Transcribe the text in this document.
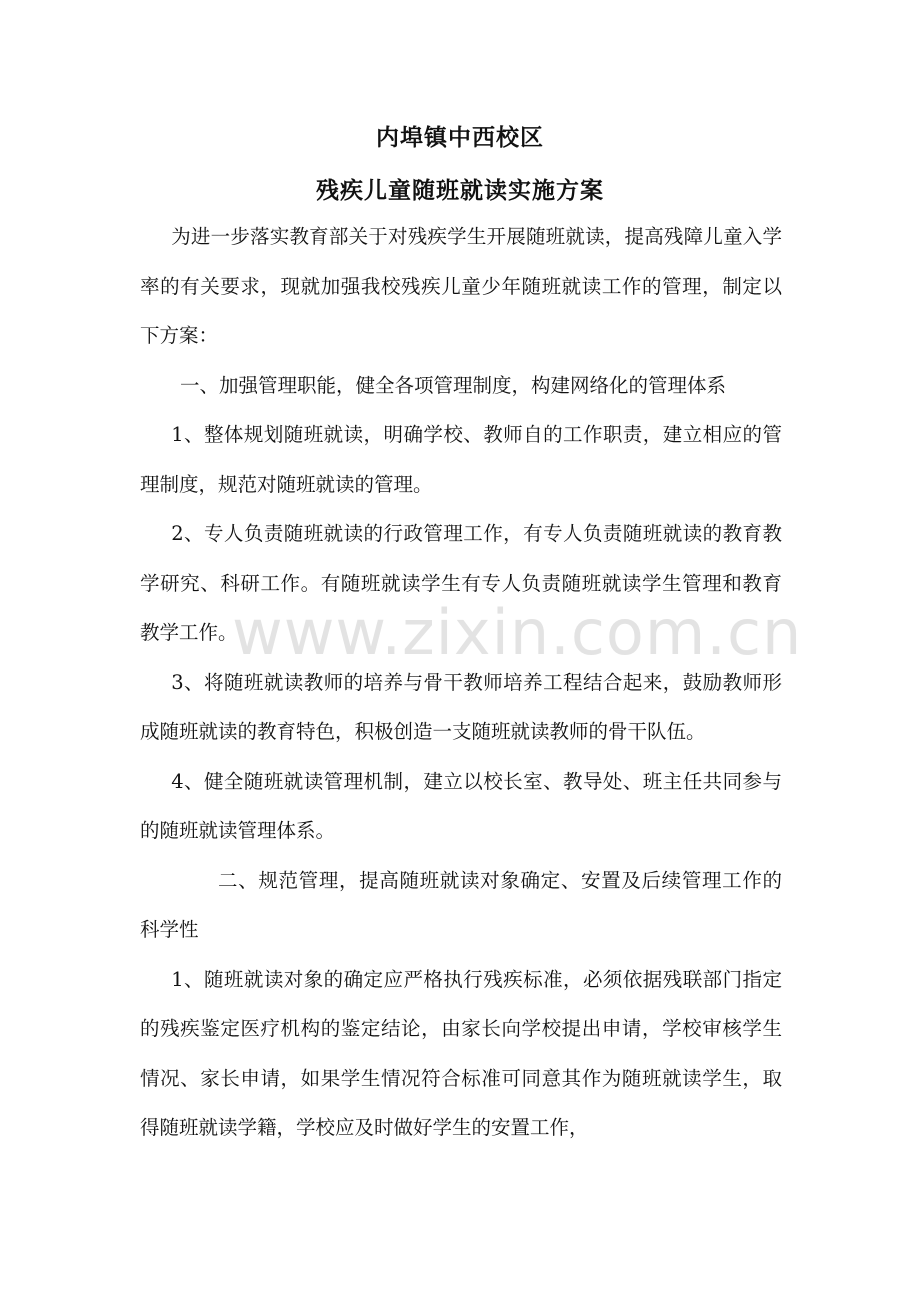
内埠镇中西校区
残疾儿童随班就读实施方案

为进一步落实教育部关于对残疾学生开展随班就读，提高残障儿童入学率的有关要求，现就加强我校残疾儿童少年随班就读工作的管理，制定以下方案：

一、加强管理职能，健全各项管理制度，构建网络化的管理体系

1、整体规划随班就读，明确学校、教师自的工作职责，建立相应的管理制度，规范对随班就读的管理。

2、专人负责随班就读的行政管理工作，有专人负责随班就读的教育教学研究、科研工作。有随班就读学生有专人负责随班就读学生管理和教育教学工作。

3、将随班就读教师的培养与骨干教师培养工程结合起来，鼓励教师形成随班就读的教育特色，积极创造一支随班就读教师的骨干队伍。

4、健全随班就读管理机制，建立以校长室、教导处、班主任共同参与的随班就读管理体系。

二、规范管理，提高随班就读对象确定、安置及后续管理工作的科学性

1、随班就读对象的确定应严格执行残疾标准，必须依据残联部门指定的残疾鉴定医疗机构的鉴定结论，由家长向学校提出申请，学校审核学生情况、家长申请，如果学生情况符合标准可同意其作为随班就读学生，取得随班就读学籍，学校应及时做好学生的安置工作，

www.zixin.com.cn
